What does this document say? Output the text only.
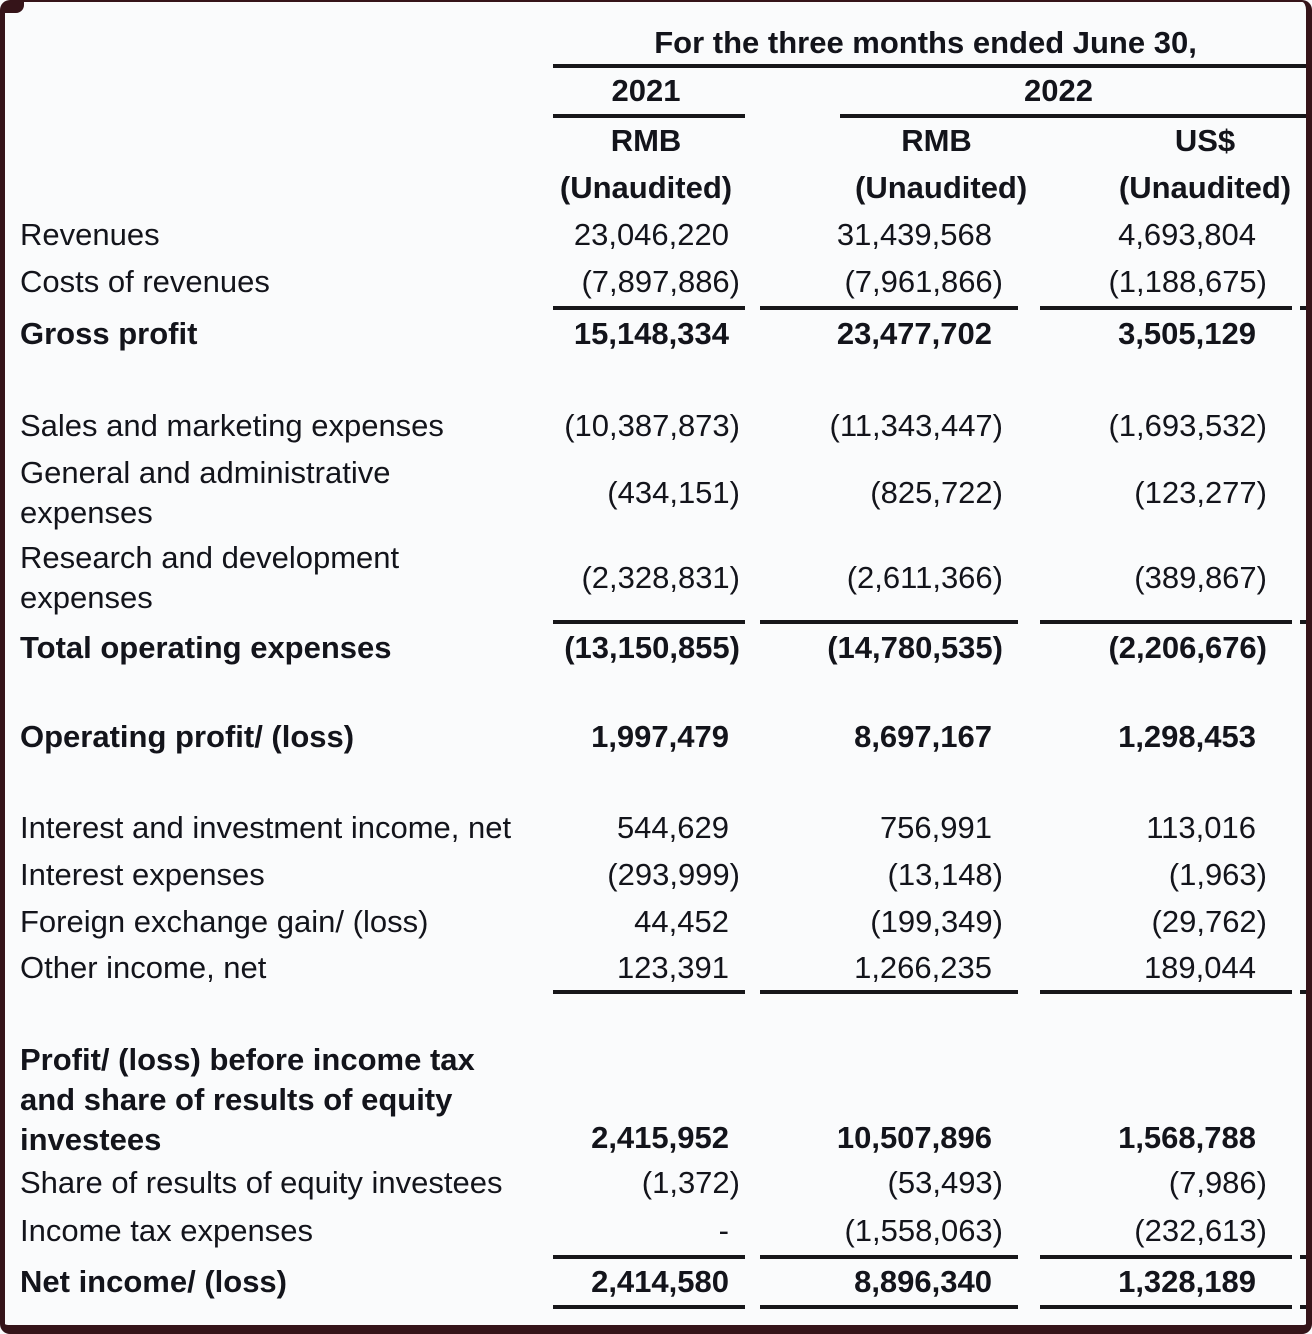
	For the three months ended June 30,			

	2021	2022		

	RMB	RMB	US$	
	(Unaudited)	(Unaudited)	(Unaudited)	
Revenues	23,046,220	31,439,568	4,693,804	
Costs of revenues	(7,897,886)	(7,961,866)	(1,188,675)	

Gross profit	15,148,334	23,477,702	3,505,129	

Sales and marketing expenses	(10,387,873)	(11,343,447)	(1,693,532)	

General and administrative
expenses	(434,151)	(825,722)	(123,277)	

Research and development
expenses	(2,328,831)	(2,611,366)	(389,867)	

Total operating expenses	(13,150,855)	(14,780,535)	(2,206,676)	

Operating profit/ (loss)	1,997,479	8,697,167	1,298,453	

Interest and investment income, net	544,629	756,991	113,016	
Interest expenses	(293,999)	(13,148)	(1,963)	
Foreign exchange gain/ (loss)	44,452	(199,349)	(29,762)	
Other income, net	123,391	1,266,235	189,044	

Profit/ (loss) before income tax
and share of results of equity
investees	2,415,952	10,507,896	1,568,788	
Share of results of equity investees	(1,372)	(53,493)	(7,986)	
Income tax expenses	-	(1,558,063)	(232,613)	

Net income/ (loss)	2,414,580	8,896,340	1,328,189	
